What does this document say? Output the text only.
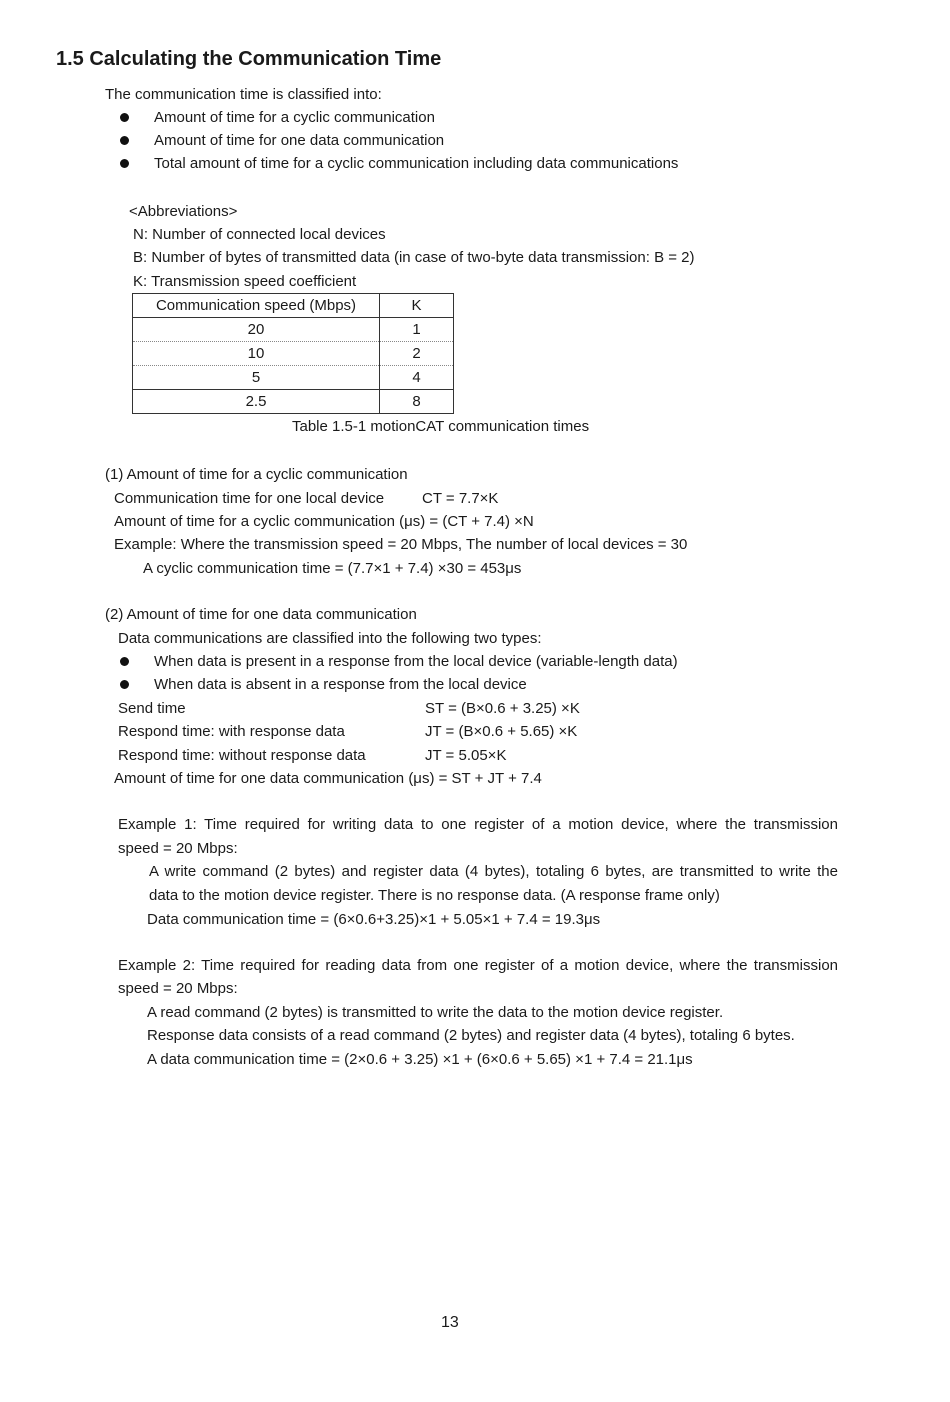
1.5 Calculating the Communication Time
The communication time is classified into:
Amount of time for a cyclic communication
Amount of time for one data communication
Total amount of time for a cyclic communication including data communications
<Abbreviations>
N: Number of connected local devices
B: Number of bytes of transmitted data (in case of two-byte data transmission: B = 2)
K: Transmission speed coefficient
Communication speed (Mbps)	K
20	1
10	2
5	4
2.5	8
Table 1.5-1 motionCAT communication times
(1) Amount of time for a cyclic communication
Communication time for one local device	CT = 7.7×K
Amount of time for a cyclic communication (μs) = (CT + 7.4) ×N
Example: Where the transmission speed = 20 Mbps, The number of local devices = 30
A cyclic communication time = (7.7×1 + 7.4) ×30 = 453μs
(2) Amount of time for one data communication
Data communications are classified into the following two types:
When data is present in a response from the local device (variable-length data)
When data is absent in a response from the local device
Send time	ST = (B×0.6 + 3.25) ×K
Respond time: with response data	JT = (B×0.6 + 5.65) ×K
Respond time: without response data	JT = 5.05×K
Amount of time for one data communication (μs) = ST + JT + 7.4
Example 1: Time required for writing data to one register of a motion device, where the transmission
speed = 20 Mbps:
A write command (2 bytes) and register data (4 bytes), totaling 6 bytes, are transmitted to write the
data to the motion device register. There is no response data. (A response frame only)
Data communication time = (6×0.6+3.25)×1 + 5.05×1 + 7.4 = 19.3μs
Example 2: Time required for reading data from one register of a motion device, where the transmission
speed = 20 Mbps:
A read command (2 bytes) is transmitted to write the data to the motion device register.
Response data consists of a read command (2 bytes) and register data (4 bytes), totaling 6 bytes.
A data communication time = (2×0.6 + 3.25) ×1 + (6×0.6 + 5.65) ×1 + 7.4 = 21.1μs
13
